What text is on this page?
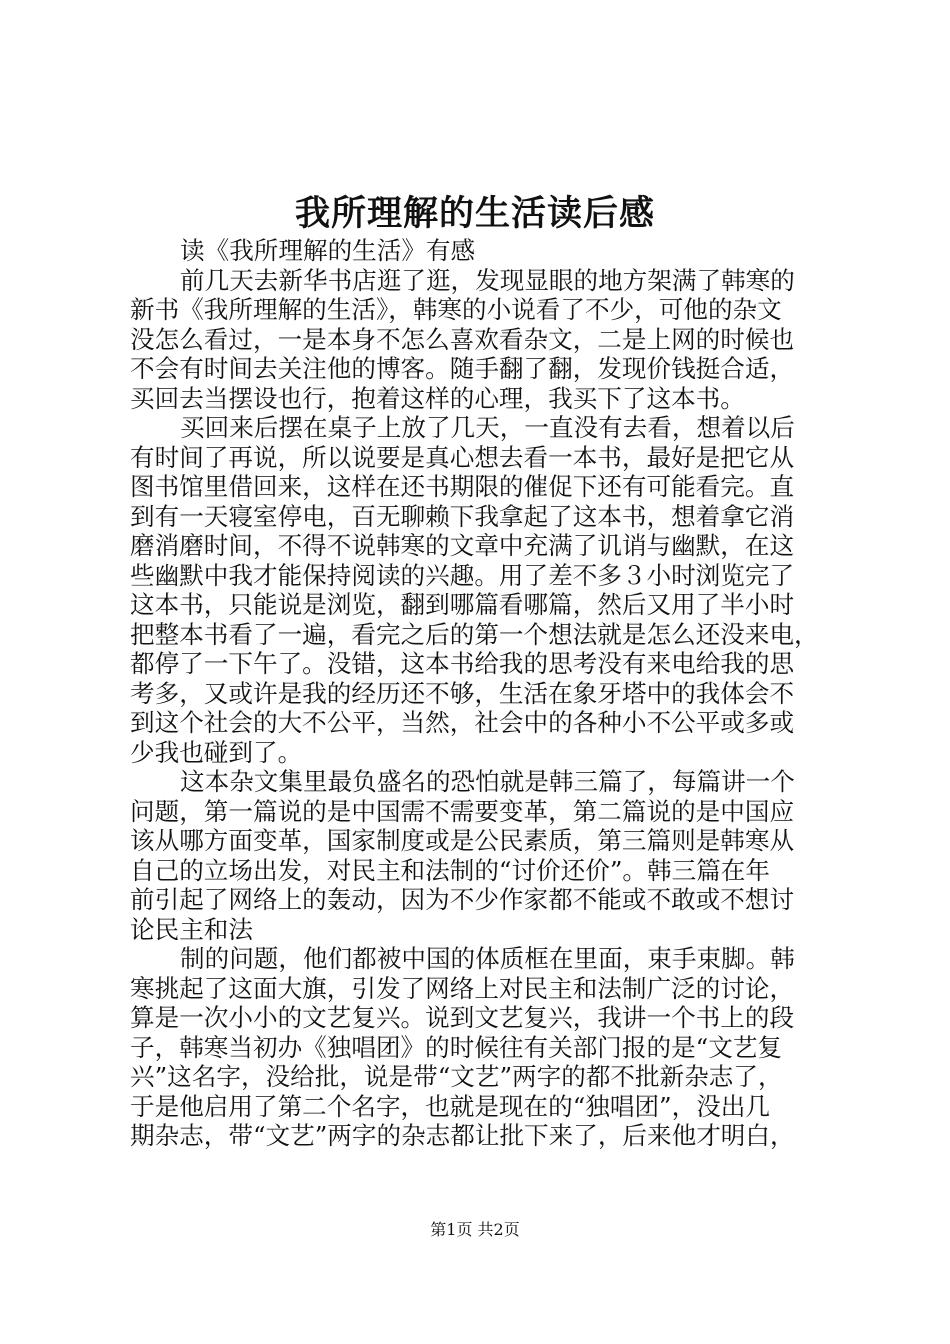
我所理解的生活读后感
读《我所理解的生活》有感
前几天去新华书店逛了逛，发现显眼的地方架满了韩寒的
新书《我所理解的生活》，韩寒的小说看了不少，可他的杂文
没怎么看过，一是本身不怎么喜欢看杂文，二是上网的时候也
不会有时间去关注他的博客。随手翻了翻，发现价钱挺合适，
买回去当摆设也行，抱着这样的心理，我买下了这本书。
买回来后摆在桌子上放了几天，一直没有去看，想着以后
有时间了再说，所以说要是真心想去看一本书，最好是把它从
图书馆里借回来，这样在还书期限的催促下还有可能看完。直
到有一天寝室停电，百无聊赖下我拿起了这本书，想着拿它消
磨消磨时间，不得不说韩寒的文章中充满了讥诮与幽默，在这
些幽默中我才能保持阅读的兴趣。用了差不多３小时浏览完了
这本书，只能说是浏览，翻到哪篇看哪篇，然后又用了半小时
把整本书看了一遍，看完之后的第一个想法就是怎么还没来电，
都停了一下午了。没错，这本书给我的思考没有来电给我的思
考多，又或许是我的经历还不够，生活在象牙塔中的我体会不
到这个社会的大不公平，当然，社会中的各种小不公平或多或
少我也碰到了。
这本杂文集里最负盛名的恐怕就是韩三篇了，每篇讲一个
问题，第一篇说的是中国需不需要变革，第二篇说的是中国应
该从哪方面变革，国家制度或是公民素质，第三篇则是韩寒从
自己的立场出发，对民主和法制的“讨价还价”。韩三篇在年
前引起了网络上的轰动，因为不少作家都不能或不敢或不想讨
论民主和法
制的问题，他们都被中国的体质框在里面，束手束脚。韩
寒挑起了这面大旗，引发了网络上对民主和法制广泛的讨论，
算是一次小小的文艺复兴。说到文艺复兴，我讲一个书上的段
子，韩寒当初办《独唱团》的时候往有关部门报的是“文艺复
兴”这名字，没给批，说是带“文艺”两字的都不批新杂志了，
于是他启用了第二个名字，也就是现在的“独唱团”，没出几
期杂志，带“文艺”两字的杂志都让批下来了，后来他才明白，
第1页 共2页
